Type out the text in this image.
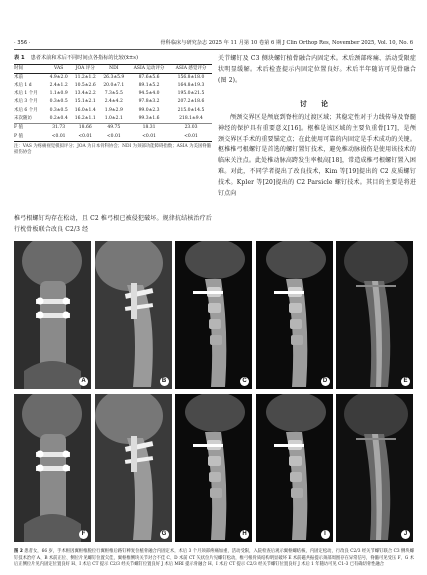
· 356 ·	骨科临床与研究杂志 2025 年 11 月第 10 卷第 6 期 J Clin Orthop Res, November 2025, Vol. 10, No. 6
表 1 患者术前和术后不同时间点各指标的比较(x̄±s)
时间	VAS	JOA 评分	NDI	ASIA 运动评分	ASIA 感觉评分
术前	4.9±2.0	11.2±1.2	26.3±5.9	87.6±5.6	156.8±18.0
术后 1 d	2.4±1.2	10.5±2.6	20.0±7.1	89.1±5.2	164.8±19.3
术后 1 个月	1.1±0.9	13.4±2.2	7.3±5.5	94.5±4.0	195.0±21.5
术后 3 个月	0.3±0.5	15.1±2.1	2.4±4.2	97.8±3.2	207.2±18.6
术后 6 个月	0.3±0.5	16.0±1.4	1.9±2.9	99.0±2.3	215.0±14.5
末次随访	0.2±0.4	16.2±1.1	1.0±2.1	99.3±1.6	218.1±9.4
F 值	31.73	18.66	49.75	18.31	23.03
P 值	<0.01	<0.01	<0.01	<0.01	<0.01
注：VAS 为疼痛视觉模拟评分；JOA 为日本骨科协会；NDI 为颈部功能障碍指数；ASIA 为美国脊髓损伤协会
椎弓根螺钉均存在松动，且 C2 椎弓根已被侵犯破坏。规律抗结核治疗后行枕骨板联合改良 C2/3 经
关节螺钉及 C3 侧块螺钉植骨融合内固定术。术后颈部疼痛、活动受限症状明显缓解。术后检查提示内固定位置良好。术后半年随访可见骨融合(图 2)。
讨 论
颅颈交界区是颅底到脊柱的过渡区域；其稳定性对于力线传导及脊髓神经的保护具有重要意义[16]。枢椎是该区域的主要负重骨[17]，是颅颈交界区手术的重要锚定点；在此使用可靠的内固定是手术成功的关键。枢椎椎弓根螺钉是首选的螺钉置钉技术，避免椎动脉损伤是使用该技术的临床关注点。此处椎动脉高跨发生率极高[18]，常造成椎弓根螺钉置入困难。对此，不同学者提出了改良技术，Kim 等[19]提出的 C2 皮质螺钉技术。Kpler 等[20]提出的 C2 Parsicle 螺钉技术。其目的主要是将进钉点向
A	B	C	D	E
F	G	H	I	J
图 2 患者女，66 岁，手术枢因翼枢椎脱位行翼枢椎后路钉棒复位植骨融合内固定术，术后 3 个月颈部疼痛加重，活动受限，入院检查后观示翼枢螺结核，内固定松动，行改良 C2/3 经关节螺钉联合 C3 侧块螺钉技术治疗 A、B 术前正位、侧位片见螺钉位置欠佳，翼枢椎侧块关节对合不佳 C、D 术前 CT 矢状位片见螺钉松动，椎弓根骨质结构明显破坏 E 术前磁共振提示颈部周围存在异常信号，脊髓可见受压 F、G 术后正侧位片见内固定位置良好 H、I 术后 CT 提示 C2/3 经关节螺钉位置良好 J 术后 MRI 提示骨融合 H、I 术后 CT 提示 C2/3 经关节螺钉位置良好 J 术后 1 年随访可见 C1-3 已有确切骨性融合
